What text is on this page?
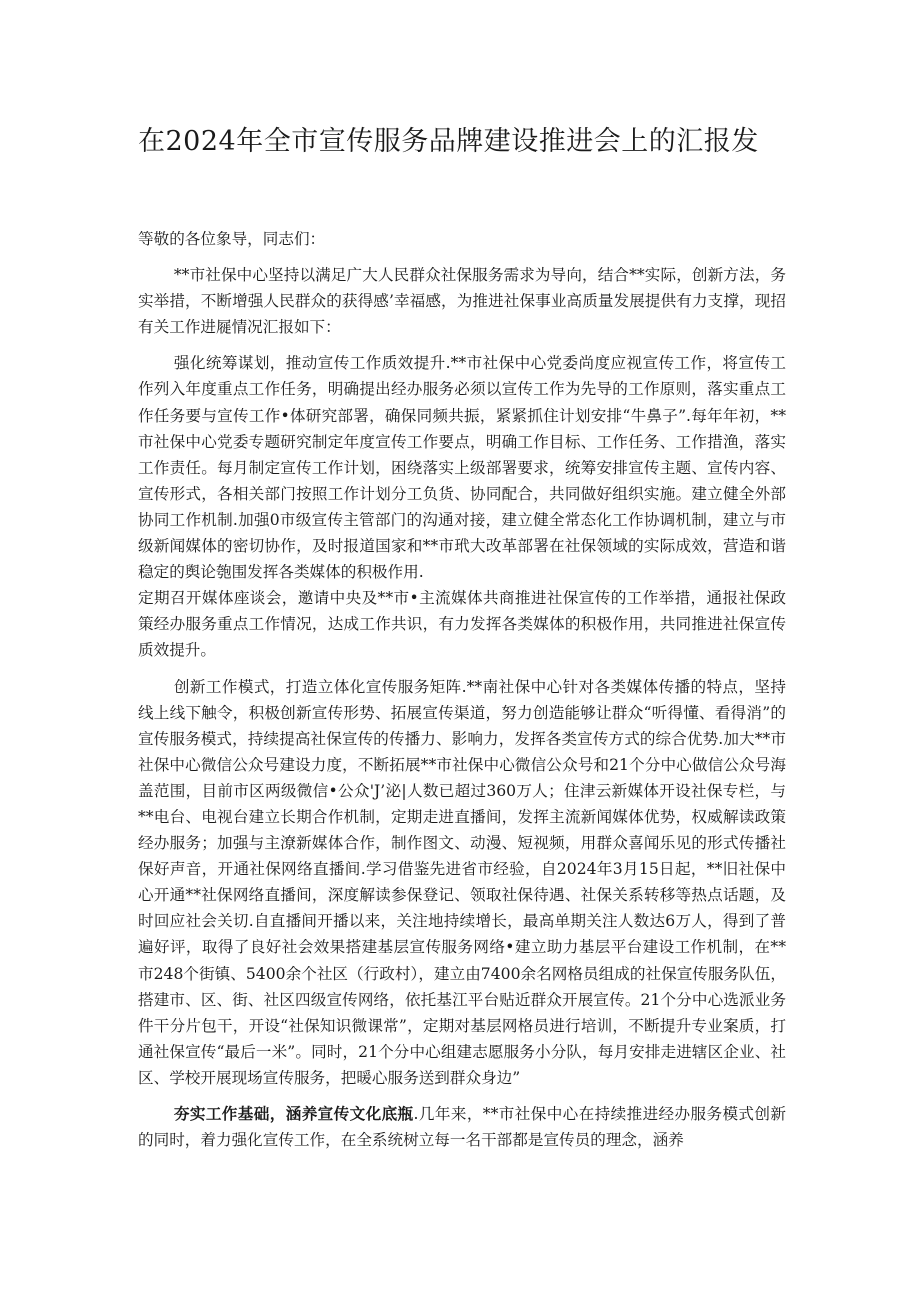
在2024年全市宣传服务品牌建设推进会上的汇报发

等敬的各位象导，同志们：

**市社保中心坚持以满足广大人民群众社保服务需求为导向，结合**实际，创新方法，务实举措，不断增强人民群众的获得感’幸福感，为推进社保事业高质量发展提供有力支撑，现招有关工作进屣情况汇报如下：

强化统筹谋划，推动宣传工作质效提升.**市社保中心党委尚度应视宣传工作，将宣传工作列入年度重点工作任务，明确提出经办服务必须以宣传工作为先导的工作原则，落实重点工作任务要与宣传工作•体研究部署，确保同频共振，紧紧抓住计划安排“牛鼻子”.每年年初，**市社保中心党委专题研究制定年度宣传工作要点，明确工作目标、工作任务、工作措渔，落实工作责任。每月制定宣传工作计划，困绕落实上级部署要求，统筹安排宣传主题、宣传内容、宣传形式，各相关部门按照工作计划分工负货、协同配合，共同做好组织实施。建立健全外部协同工作机制.加强0市级宣传主管部门的沟通对接，建立健全常态化工作协调机制，建立与市级新闻媒体的密切协作，及时报道国家和**市玳大改革部署在社保领域的实际成效，营造和谐稳定的舆论匏围发挥各类媒体的积极作用.

定期召开媒体座谈会，邀请中央及**市•主流媒体共商推进社保宣传的工作举措，通报社保政策经办服务重点工作情况，达成工作共识，有力发挥各类媒体的积极作用，共同推进社保宣传质效提升。

创新工作模式，打造立体化宣传服务矩阵.**南社保中心针对各类媒体传播的特点，坚持线上线下触令，积极创新宣传形势、拓展宣传渠道，努力创造能够让群众“听得懂、看得消”的宣传服务模式，持续提高社保宣传的传播力、影响力，发挥各类宣传方式的综合优势.加大**市社保中心微信公众号建设力度，不断拓展**市社保中心微信公众号和21个分中心做信公众号海盖范围，目前市区两级微信•公众'J’泌|人数已超过360万人；住津云新媒体开设社保专栏，与**电台、电视台建立长期合作机制，定期走进直播间，发挥主流新闻媒体优势，权威解读政策经办服务；加强与主潦新媒体合作，制作图文、动漫、短视频，用群众喜闻乐见的形式传播社保好声音，开通社保网络直播间.学习借鉴先进省市经验，自2024年3月15日起，**旧社保中心开通**社保网络直播间，深度解读参保登记、领取社保待遇、社保关系转移等热点话题，及时回应社会关切.自直播间开播以来，关注地持续增长，最高单期关注人数达6万人，得到了普遍好评，取得了良好社会效果搭建基层宣传服务网络•建立助力基层平台建设工作机制，在**市248个街镇、5400余个社区（行政村），建立由7400余名网格员组成的社保宣传服务队伍，搭建市、区、街、社区四级宣传网络，依托基江平台贴近群众开展宣传。21个分中心选派业务件干分片包干，开设“社保知识微课常”，定期对基层网格员进行培训，不断提升专业案质，打通社保宣传“最后一米”。同时，21个分中心组建志愿服务小分队，每月安排走进辖区企业、社区、学校开展现场宣传服务，把暖心服务送到群众身边”

夯实工作基础，涵养宣传文化底瓶.几年来，**市社保中心在持续推进经办服务模式创新的同时，着力强化宣传工作，在全系统树立每一名干部都是宣传员的理念，涵养
